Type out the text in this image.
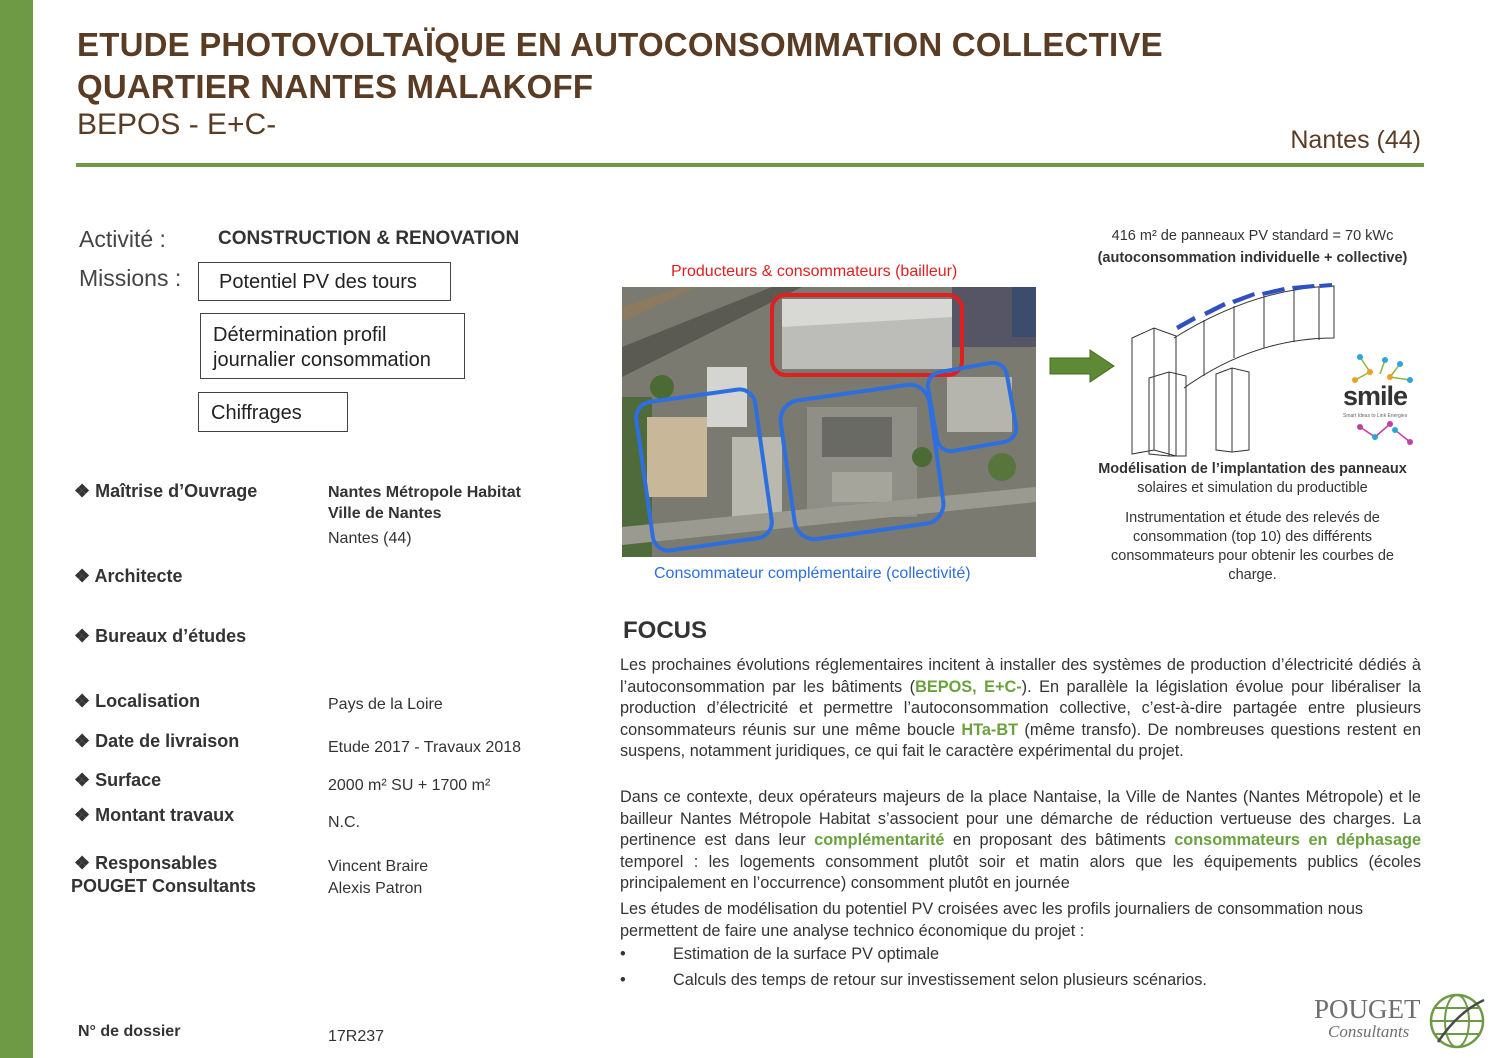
ETUDE PHOTOVOLTAÏQUE EN AUTOCONSOMMATION COLLECTIVE
QUARTIER NANTES MALAKOFF
BEPOS - E+C-	Nantes (44)
Activité :	CONSTRUCTION & RENOVATION
Missions : Potentiel PV des tours
Détermination profil
journalier consommation
Chiffrages
❖ Maîtrise d’Ouvrage	Nantes Métropole Habitat
Ville de Nantes
Nantes (44)
❖ Architecte
❖ Bureaux d’études
❖ Localisation	Pays de la Loire
❖ Date de livraison	Etude 2017 - Travaux 2018
❖ Surface	2000 m² SU + 1700 m²
❖ Montant travaux	N.C.
❖ Responsables
POUGET Consultants
Vincent Braire
Alexis Patron
N° de dossier	17R237
Producteurs & consommateurs (bailleur)
Consommateur complémentaire (collectivité)
416 m² de panneaux PV standard = 70 kWc
(autoconsommation individuelle + collective)
smile
Smart Ideas to Link Energies
Modélisation de l’implantation des panneaux
solaires et simulation du productible
Instrumentation et étude des relevés de
consommation (top 10) des différents
consommateurs pour obtenir les courbes de
charge.
FOCUS
Les prochaines évolutions réglementaires incitent à installer des systèmes de production d’électricité dédiés à l’autoconsommation par les bâtiments (BEPOS, E+C-). En parallèle la législation évolue pour libéraliser la production d’électricité et permettre l’autoconsommation collective, c’est-à-dire partagée entre plusieurs consommateurs réunis sur une même boucle HTa-BT (même transfo). De nombreuses questions restent en suspens, notamment juridiques, ce qui fait le caractère expérimental du projet.
Dans ce contexte, deux opérateurs majeurs de la place Nantaise, la Ville de Nantes (Nantes Métropole) et le bailleur Nantes Métropole Habitat s’associent pour une démarche de réduction vertueuse des charges. La pertinence est dans leur complémentarité en proposant des bâtiments consommateurs en déphasage temporel : les logements consomment plutôt soir et matin alors que les équipements publics (écoles principalement en l’occurrence) consomment plutôt en journée
Les études de modélisation du potentiel PV croisées avec les profils journaliers de consommation nous permettent de faire une analyse technico économique du projet :
•	Estimation de la surface PV optimale
•	Calculs des temps de retour sur investissement selon plusieurs scénarios.
POUGET
Consultants
